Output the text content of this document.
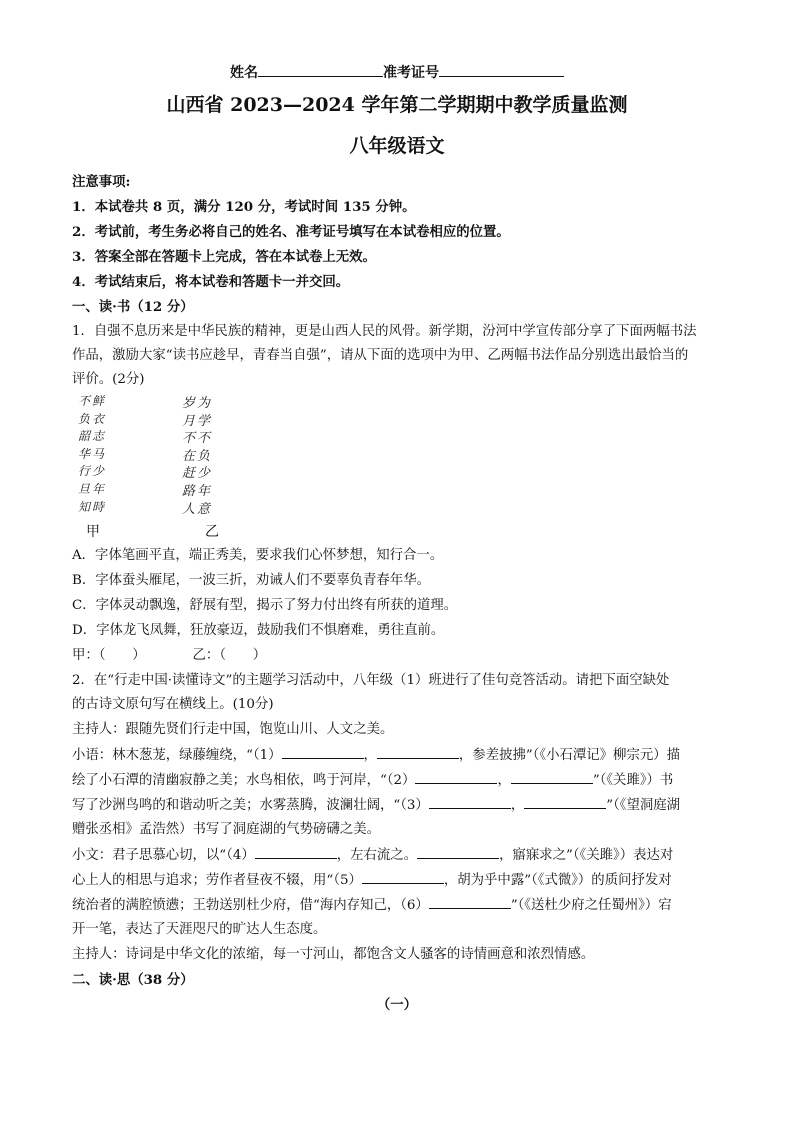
姓名	准考证号
山西省 2023—2024 学年第二学期期中教学质量监测
八年级语文
注意事项:
1．本试卷共 8 页，满分 120 分，考试时间 135 分钟。
2．考试前，考生务必将自己的姓名、准考证号填写在本试卷相应的位置。
3．答案全部在答题卡上完成，答在本试卷上无效。
4．考试结束后，将本试卷和答题卡一并交回。
一、读·书（12 分）
1．自强不息历来是中华民族的精神，更是山西人民的风骨。新学期，汾河中学宣传部分享了下面两幅书法
作品，激励大家“读书应趁早，青春当自强”，请从下面的选项中为甲、乙两幅书法作品分别选出最恰当的
评价。(2分)
不鲜
负衣
韶志
华马
行少
旦年
知時
岁为
月学
不不
在负
赶少
路年
人意
甲	乙
A．字体笔画平直，端正秀美，要求我们心怀梦想，知行合一。
B．字体蚕头雁尾，一波三折，劝诫人们不要辜负青春年华。
C．字体灵动飘逸，舒展有型，揭示了努力付出终有所获的道理。
D．字体龙飞凤舞，狂放豪迈，鼓励我们不惧磨难，勇往直前。
甲：（　　）　　　　乙：（　　）
2．在“行走中国·读懂诗文”的主题学习活动中，八年级（1）班进行了佳句竞答活动。请把下面空缺处
的古诗文原句写在横线上。(10分)
主持人：跟随先贤们行走中国，饱览山川、人文之美。
小语：林木葱茏，绿藤缠绕，“（1）	，	，参差披拂”（《小石潭记》柳宗元）描
绘了小石潭的清幽寂静之美；水鸟相依，鸣于河岸，“（2）	，	”（《关雎》）书
写了沙洲鸟鸣的和谐动听之美；水雾蒸腾，波澜壮阔，“（3）	，	”（《望洞庭湖
赠张丞相》孟浩然）书写了洞庭湖的气势磅礴之美。
小文：君子思慕心切，以“（4）	，左右流之。	，寤寐求之”（《关雎》）表达对
心上人的相思与追求；劳作者昼夜不辍，用“（5）	，胡为乎中露”（《式微》）的质问抒发对
统治者的满腔愤懑；王勃送别杜少府，借“海内存知己，（6）	”（《送杜少府之任蜀州》）宕
开一笔，表达了天涯咫尺的旷达人生态度。
主持人：诗词是中华文化的浓缩，每一寸河山，都饱含文人骚客的诗情画意和浓烈情感。
二、读·思（38 分）
（一）
